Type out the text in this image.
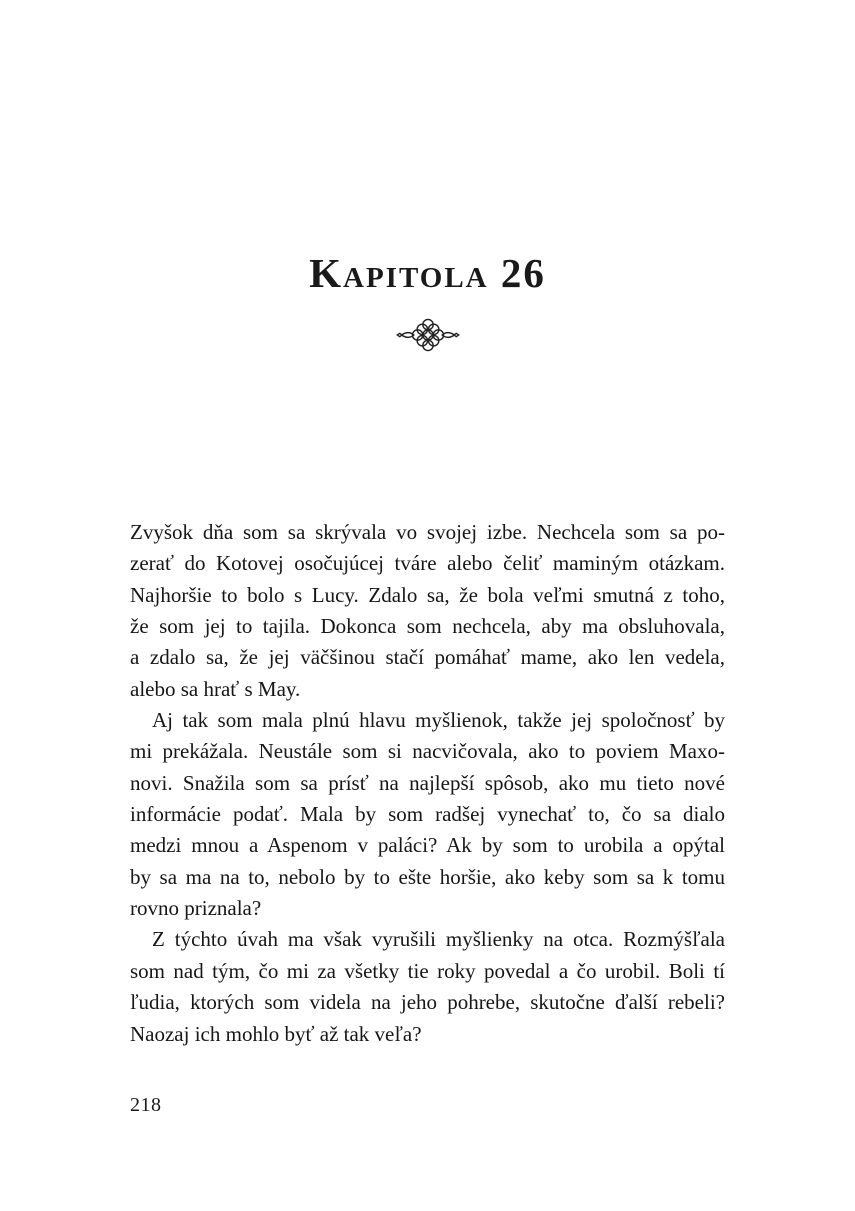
Kapitola 26

Zvyšok dňa som sa skrývala vo svojej izbe. Nechcela som sa po-
zerať do Kotovej osočujúcej tváre alebo čeliť maminým otázkam.
Najhoršie to bolo s Lucy. Zdalo sa, že bola veľmi smutná z toho,
že som jej to tajila. Dokonca som nechcela, aby ma obsluhovala,
a zdalo sa, že jej väčšinou stačí pomáhať mame, ako len vedela,
alebo sa hrať s May.

Aj tak som mala plnú hlavu myšlienok, takže jej spoločnosť by
mi prekážala. Neustále som si nacvičovala, ako to poviem Maxo-
novi. Snažila som sa prísť na najlepší spôsob, ako mu tieto nové
informácie podať. Mala by som radšej vynechať to, čo sa dialo
medzi mnou a Aspenom v paláci? Ak by som to urobila a opýtal
by sa ma na to, nebolo by to ešte horšie, ako keby som sa k tomu
rovno priznala?

Z týchto úvah ma však vyrušili myšlienky na otca. Rozmýšľala
som nad tým, čo mi za všetky tie roky povedal a čo urobil. Boli tí
ľudia, ktorých som videla na jeho pohrebe, skutočne ďalší rebeli?
Naozaj ich mohlo byť až tak veľa?

218
